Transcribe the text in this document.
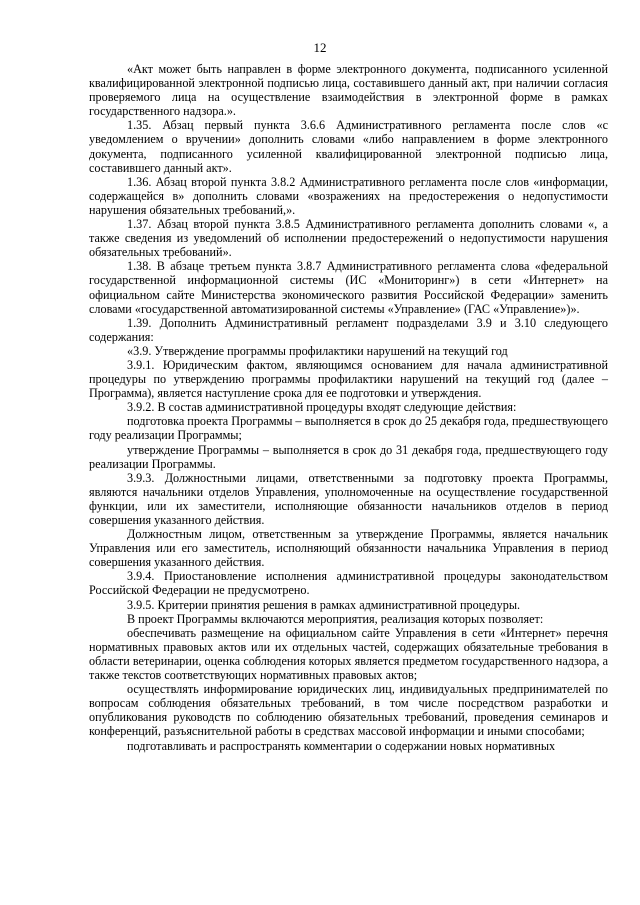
12

«Акт может быть направлен в форме электронного документа, подписанного усиленной квалифицированной электронной подписью лица, составившего данный акт, при наличии согласия проверяемого лица на осуществление взаимодействия в электронной форме в рамках государственного надзора.».

1.35. Абзац первый пункта 3.6.6 Административного регламента после слов «с уведомлением о вручении» дополнить словами «либо направлением в форме электронного документа, подписанного усиленной квалифицированной электронной подписью лица, составившего данный акт».

1.36. Абзац второй пункта 3.8.2 Административного регламента после слов «информации, содержащейся в» дополнить словами «возражениях на предостережения о недопустимости нарушения обязательных требований,».

1.37. Абзац второй пункта 3.8.5 Административного регламента дополнить словами «, а также сведения из уведомлений об исполнении предостережений о недопустимости нарушения обязательных требований».

1.38. В абзаце третьем пункта 3.8.7 Административного регламента слова «федеральной государственной информационной системы (ИС «Мониторинг») в сети «Интернет» на официальном сайте Министерства экономического развития Российской Федерации» заменить словами «государственной автоматизированной системы «Управление» (ГАС «Управление»)».

1.39. Дополнить Административный регламент подразделами 3.9 и 3.10 следующего содержания:

«3.9. Утверждение программы профилактики нарушений на текущий год

3.9.1. Юридическим фактом, являющимся основанием для начала административной процедуры по утверждению программы профилактики нарушений на текущий год (далее – Программа), является наступление срока для ее подготовки и утверждения.

3.9.2. В состав административной процедуры входят следующие действия:

подготовка проекта Программы – выполняется в срок до 25 декабря года, предшествующего году реализации Программы;

утверждение Программы – выполняется в срок до 31 декабря года, предшествующего году реализации Программы.

3.9.3. Должностными лицами, ответственными за подготовку проекта Программы, являются начальники отделов Управления, уполномоченные на осуществление государственной функции, или их заместители, исполняющие обязанности начальников отделов в период совершения указанного действия.

Должностным лицом, ответственным за утверждение Программы, является начальник Управления или его заместитель, исполняющий обязанности начальника Управления в период совершения указанного действия.

3.9.4. Приостановление исполнения административной процедуры законодательством Российской Федерации не предусмотрено.

3.9.5. Критерии принятия решения в рамках административной процедуры.

В проект Программы включаются мероприятия, реализация которых позволяет:

обеспечивать размещение на официальном сайте Управления в сети «Интернет» перечня нормативных правовых актов или их отдельных частей, содержащих обязательные требования в области ветеринарии, оценка соблюдения которых является предметом государственного надзора, а также текстов соответствующих нормативных правовых актов;

осуществлять информирование юридических лиц, индивидуальных предпринимателей по вопросам соблюдения обязательных требований, в том числе посредством разработки и опубликования руководств по соблюдению обязательных требований, проведения семинаров и конференций, разъяснительной работы в средствах массовой информации и иными способами;

подготавливать и распространять комментарии о содержании новых нормативных
